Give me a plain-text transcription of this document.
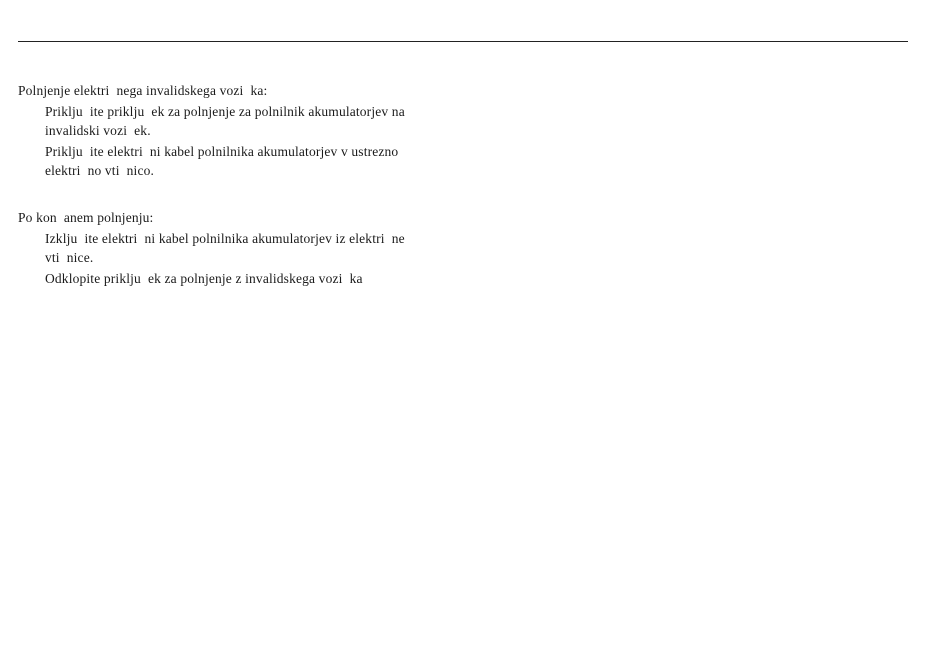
Polnjenje elektri  nega invalidskega vozi  ka:
Priklju  ite priklju  ek za polnjenje za polnilnik akumulatorjev na
invalidski vozi  ek.
Priklju  ite elektri  ni kabel polnilnika akumulatorjev v ustrezno
elektri  no vti  nico.
Po kon  anem polnjenju:
Izklju  ite elektri  ni kabel polnilnika akumulatorjev iz elektri  ne
vti  nice.
Odklopite priklju  ek za polnjenje z invalidskega vozi  ka
